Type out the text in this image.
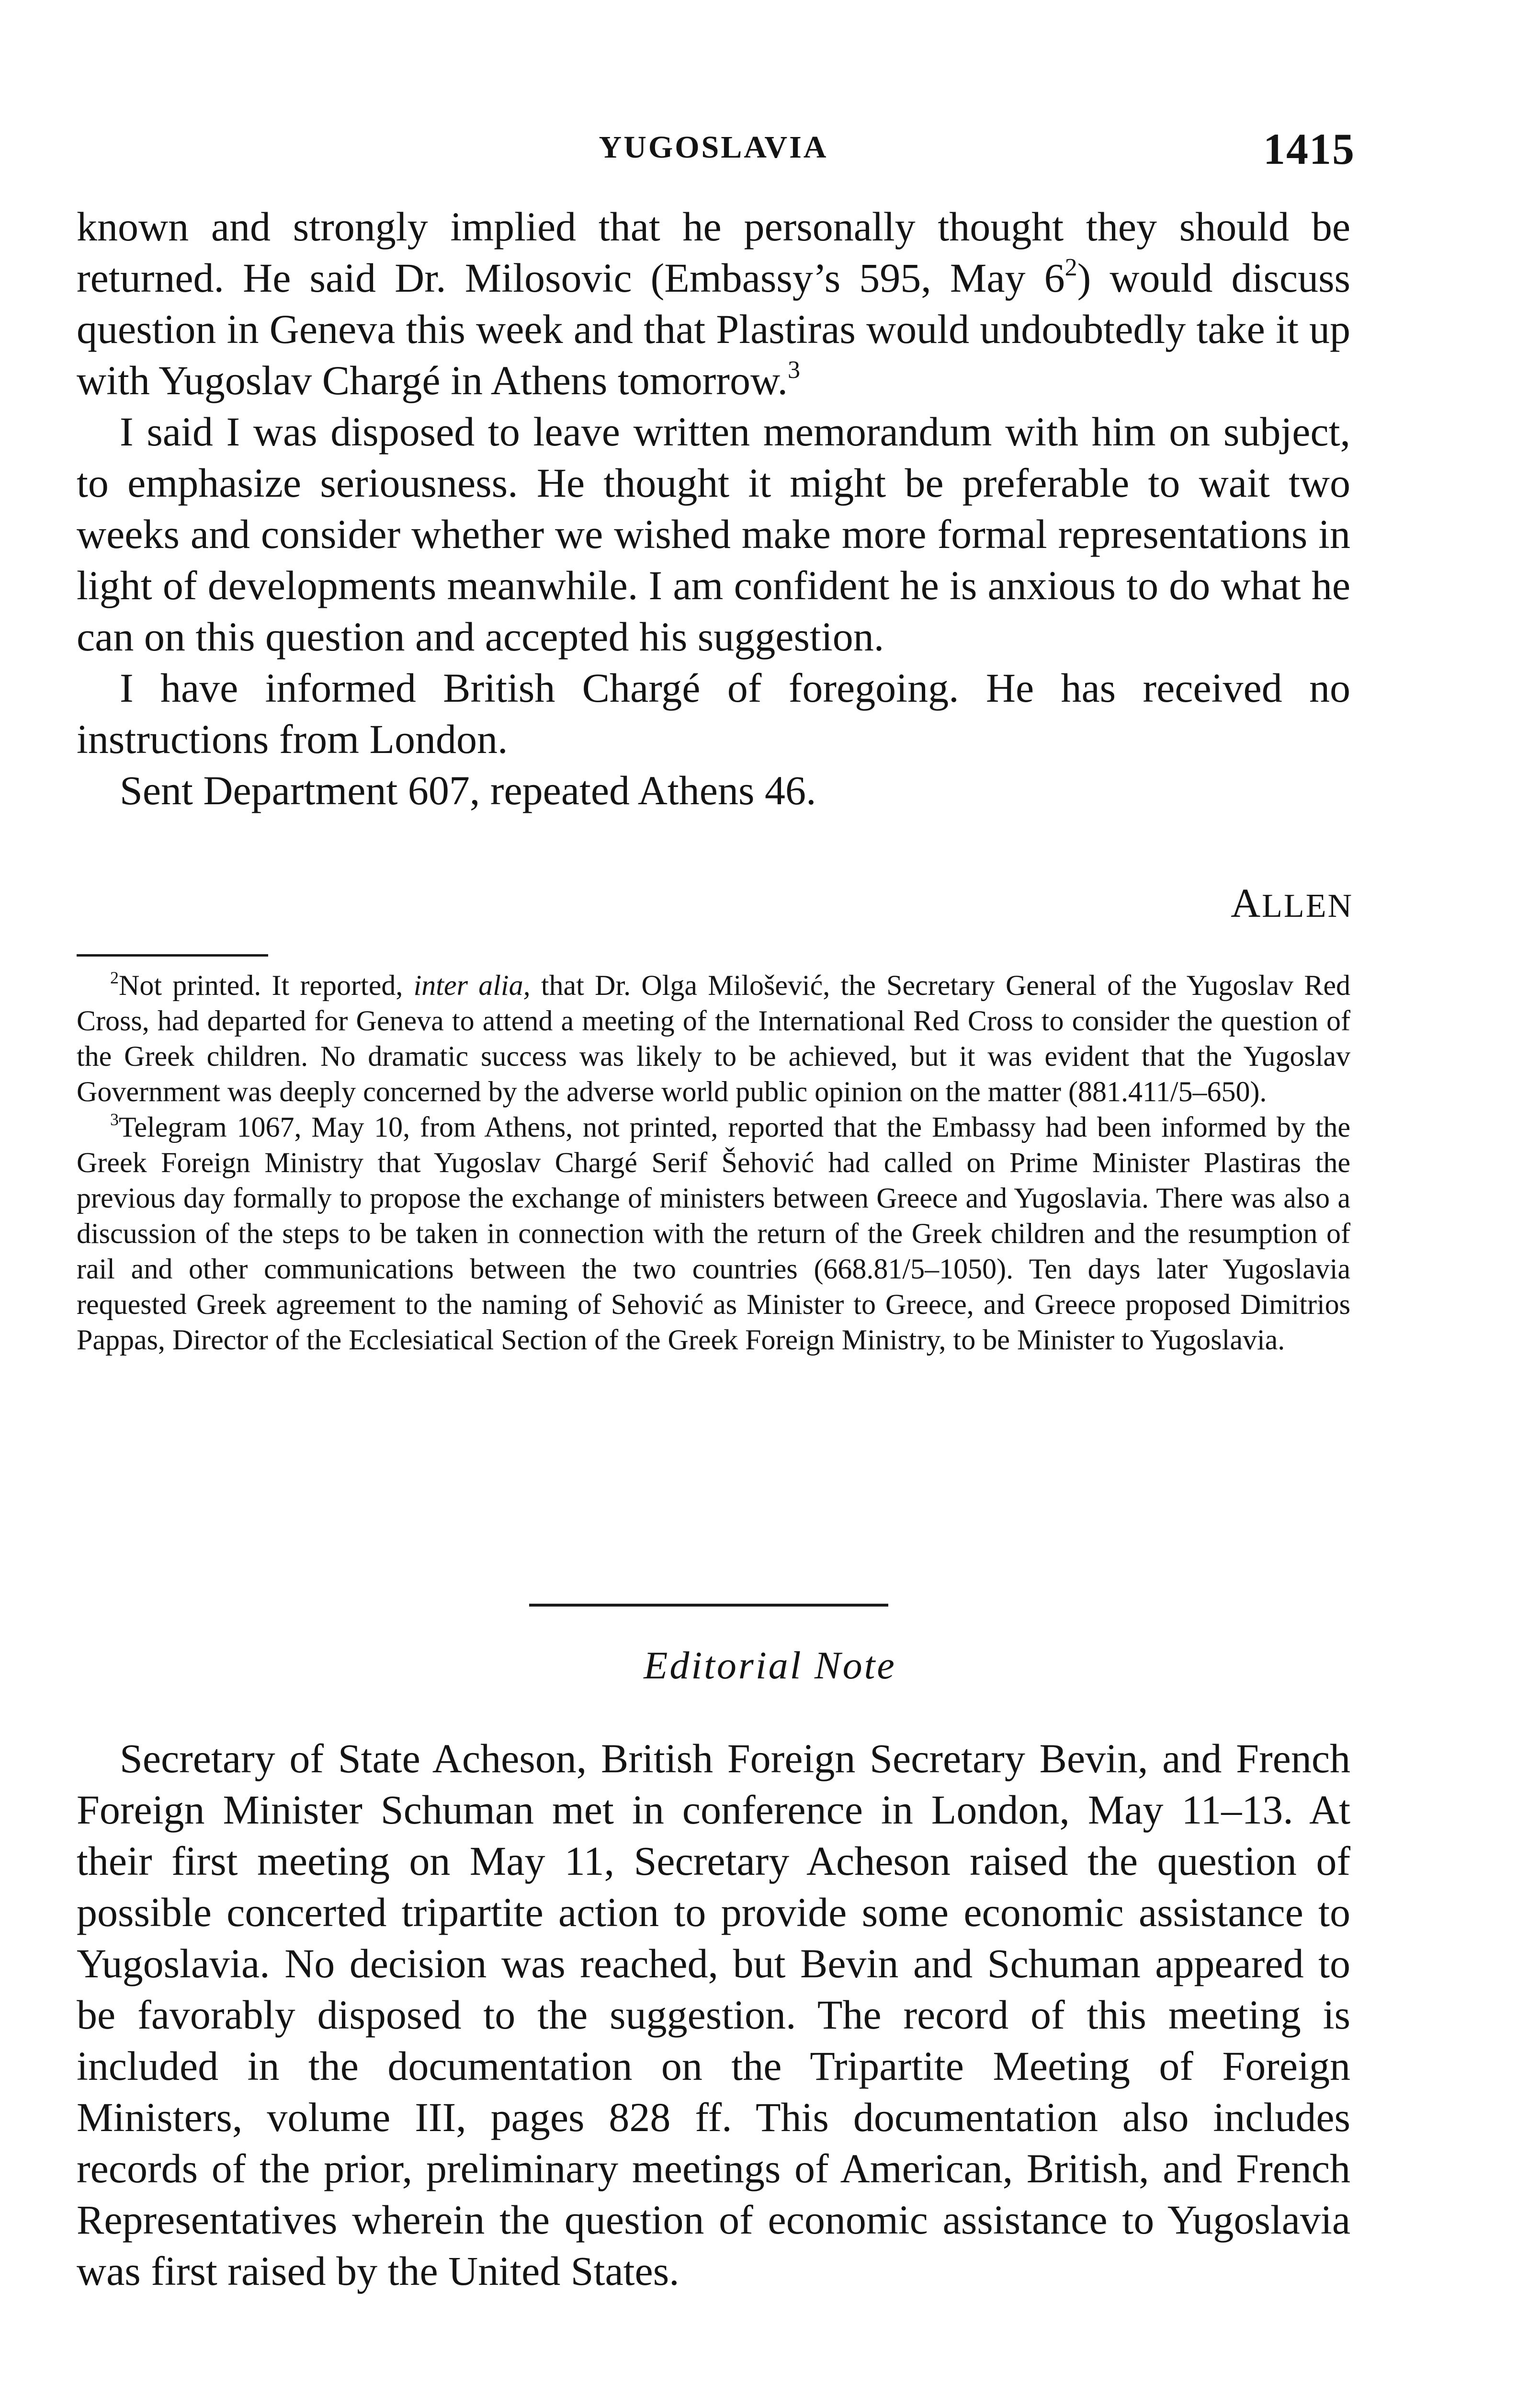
YUGOSLAVIA	1415

known and strongly implied that he personally thought they should be returned. He said Dr. Milosovic (Embassy’s 595, May 6$^2$) would discuss question in Geneva this week and that Plastiras would undoubtedly take it up with Yugoslav Chargé in Athens tomorrow.$^3$

I said I was disposed to leave written memorandum with him on subject, to emphasize seriousness. He thought it might be preferable to wait two weeks and consider whether we wished make more formal representations in light of developments meanwhile. I am confident he is anxious to do what he can on this question and accepted his suggestion.

I have informed British Chargé of foregoing. He has received no instructions from London.

Sent Department 607, repeated Athens 46.

ALLEN

$^2$Not printed. It reported, inter alia, that Dr. Olga Milošević, the Secretary General of the Yugoslav Red Cross, had departed for Geneva to attend a meeting of the International Red Cross to consider the question of the Greek children. No dramatic success was likely to be achieved, but it was evident that the Yugoslav Government was deeply concerned by the adverse world public opinion on the matter (881.411/5–650).

$^3$Telegram 1067, May 10, from Athens, not printed, reported that the Embassy had been informed by the Greek Foreign Ministry that Yugoslav Chargé Serif Šehović had called on Prime Minister Plastiras the previous day formally to propose the exchange of ministers between Greece and Yugoslavia. There was also a discussion of the steps to be taken in connection with the return of the Greek children and the resumption of rail and other communications between the two countries (668.81/5–1050). Ten days later Yugoslavia requested Greek agreement to the naming of Sehović as Minister to Greece, and Greece proposed Dimitrios Pappas, Director of the Ecclesiatical Section of the Greek Foreign Ministry, to be Minister to Yugoslavia.

Editorial Note

Secretary of State Acheson, British Foreign Secretary Bevin, and French Foreign Minister Schuman met in conference in London, May 11–13. At their first meeting on May 11, Secretary Acheson raised the question of possible concerted tripartite action to provide some economic assistance to Yugoslavia. No decision was reached, but Bevin and Schuman appeared to be favorably disposed to the suggestion. The record of this meeting is included in the documentation on the Tripartite Meeting of Foreign Ministers, volume III, pages 828 ff. This documentation also includes records of the prior, preliminary meetings of American, British, and French Representatives wherein the question of economic assistance to Yugoslavia was first raised by the United States.
